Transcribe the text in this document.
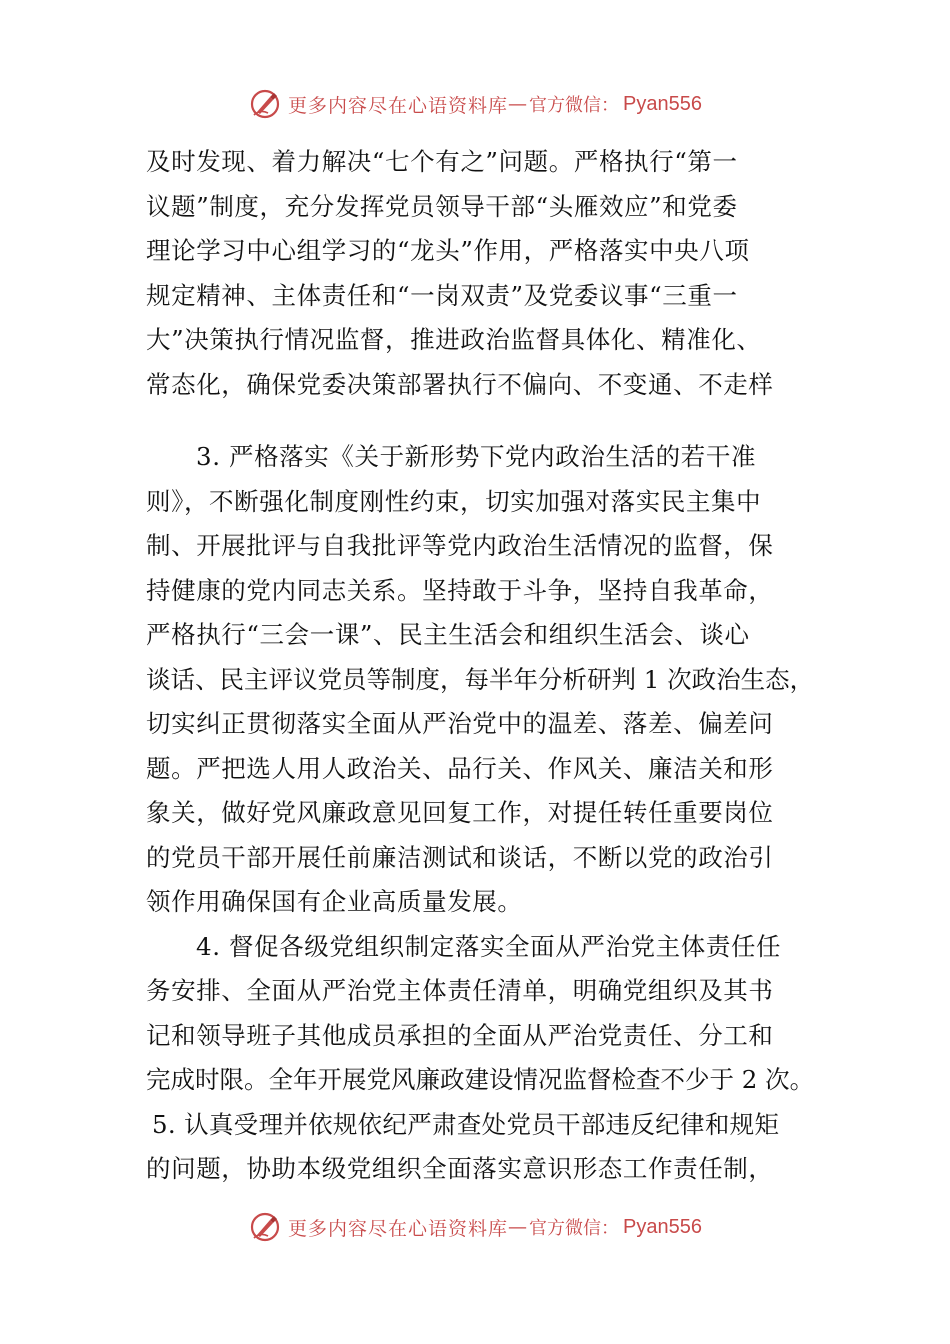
更多内容尽在心语资料库 — 官方微信： Pyan556
及时发现、着力解决“七个有之”问题。严格执行“第一
议题”制度，充分发挥党员领导干部“头雁效应”和党委
理论学习中心组学习的“龙头”作用，严格落实中央八项
规定精神、主体责任和“一岗双责”及党委议事“三重一
大”决策执行情况监督，推进政治监督具体化、精准化、
常态化，确保党委决策部署执行不偏向、不变通、不走样
3. 严格落实《关于新形势下党内政治生活的若干准
则》，不断强化制度刚性约束，切实加强对落实民主集中
制、开展批评与自我批评等党内政治生活情况的监督，保
持健康的党内同志关系。坚持敢于斗争，坚持自我革命，
严格执行“三会一课”、民主生活会和组织生活会、谈心
谈话、民主评议党员等制度，每半年分析研判 1 次政治生态，
切实纠正贯彻落实全面从严治党中的温差、落差、偏差问
题。严把选人用人政治关、品行关、作风关、廉洁关和形
象关，做好党风廉政意见回复工作，对提任转任重要岗位
的党员干部开展任前廉洁测试和谈话，不断以党的政治引
领作用确保国有企业高质量发展。
4. 督促各级党组织制定落实全面从严治党主体责任任
务安排、全面从严治党主体责任清单，明确党组织及其书
记和领导班子其他成员承担的全面从严治党责任、分工和
完成时限。全年开展党风廉政建设情况监督检查不少于 2 次。
5. 认真受理并依规依纪严肃查处党员干部违反纪律和规矩
的问题，协助本级党组织全面落实意识形态工作责任制，
更多内容尽在心语资料库 — 官方微信： Pyan556
